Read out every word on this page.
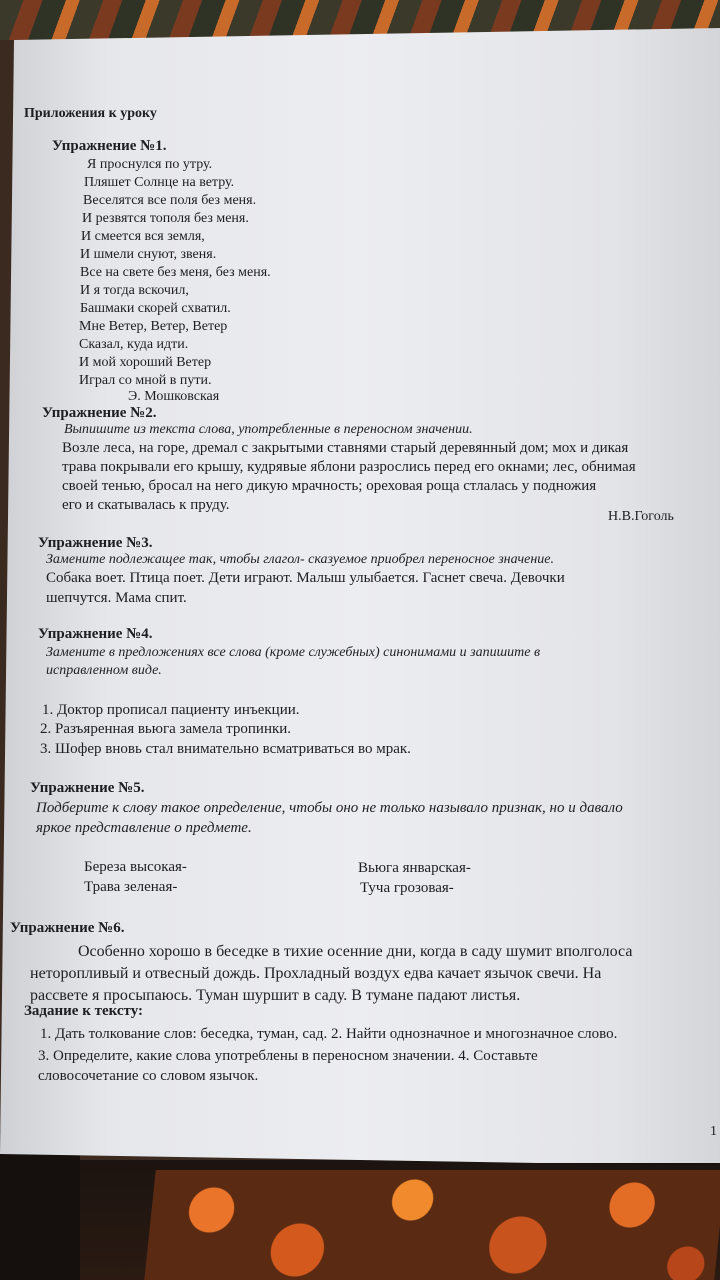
Приложения к уроку

Упражнение №1.

Я проснулся по утру.

Пляшет Солнце на ветру.

Веселятся все поля без меня.

И резвятся тополя без меня.

И смеется вся земля,

И шмели снуют, звеня.

Все на свете без меня, без меня.

И я тогда вскочил,

Башмаки скорей схватил.

Мне Ветер, Ветер, Ветер

Сказал, куда идти.

И мой хороший Ветер

Играл со мной в пути.

Э. Мошковская

Упражнение №2.

Выпишите из текста слова, употребленные в переносном значении.

Возле леса, на горе, дремал с закрытыми ставнями старый деревянный дом; мох и дикая

трава покрывали его крышу, кудрявые яблони разрослись перед его окнами; лес, обнимая

своей тенью, бросал на него дикую мрачность; ореховая роща стлалась у подножия

его и скатывалась к пруду.

Н.В.Гоголь

Упражнение №3.

Замените подлежащее так, чтобы глагол- сказуемое приобрел переносное значение.

Собака воет. Птица поет. Дети играют. Малыш улыбается. Гаснет свеча. Девочки

шепчутся. Мама спит.

Упражнение №4.

Замените в предложениях все слова (кроме служебных) синонимами и запишите в

исправленном виде.

1. Доктор прописал пациенту инъекции.

2. Разъяренная вьюга замела тропинки.

3. Шофер вновь стал внимательно всматриваться во мрак.

Упражнение №5.

Подберите к слову такое определение, чтобы оно не только называло признак, но и давало

яркое представление о предмете.

Береза высокая-

Трава зеленая-

Вьюга январская-

Туча грозовая-

Упражнение №6.

Особенно хорошо в беседке в тихие осенние дни, когда в саду шумит вполголоса

неторопливый и отвесный дождь. Прохладный воздух едва качает язычок свечи. На

рассвете я просыпаюсь. Туман шуршит в саду. В тумане падают листья.

Задание к тексту:

1. Дать толкование слов: беседка, туман, сад. 2. Найти однозначное и многозначное слово.

3. Определите, какие слова употреблены в переносном значении. 4. Составьте

словосочетание со словом язычок.

1
